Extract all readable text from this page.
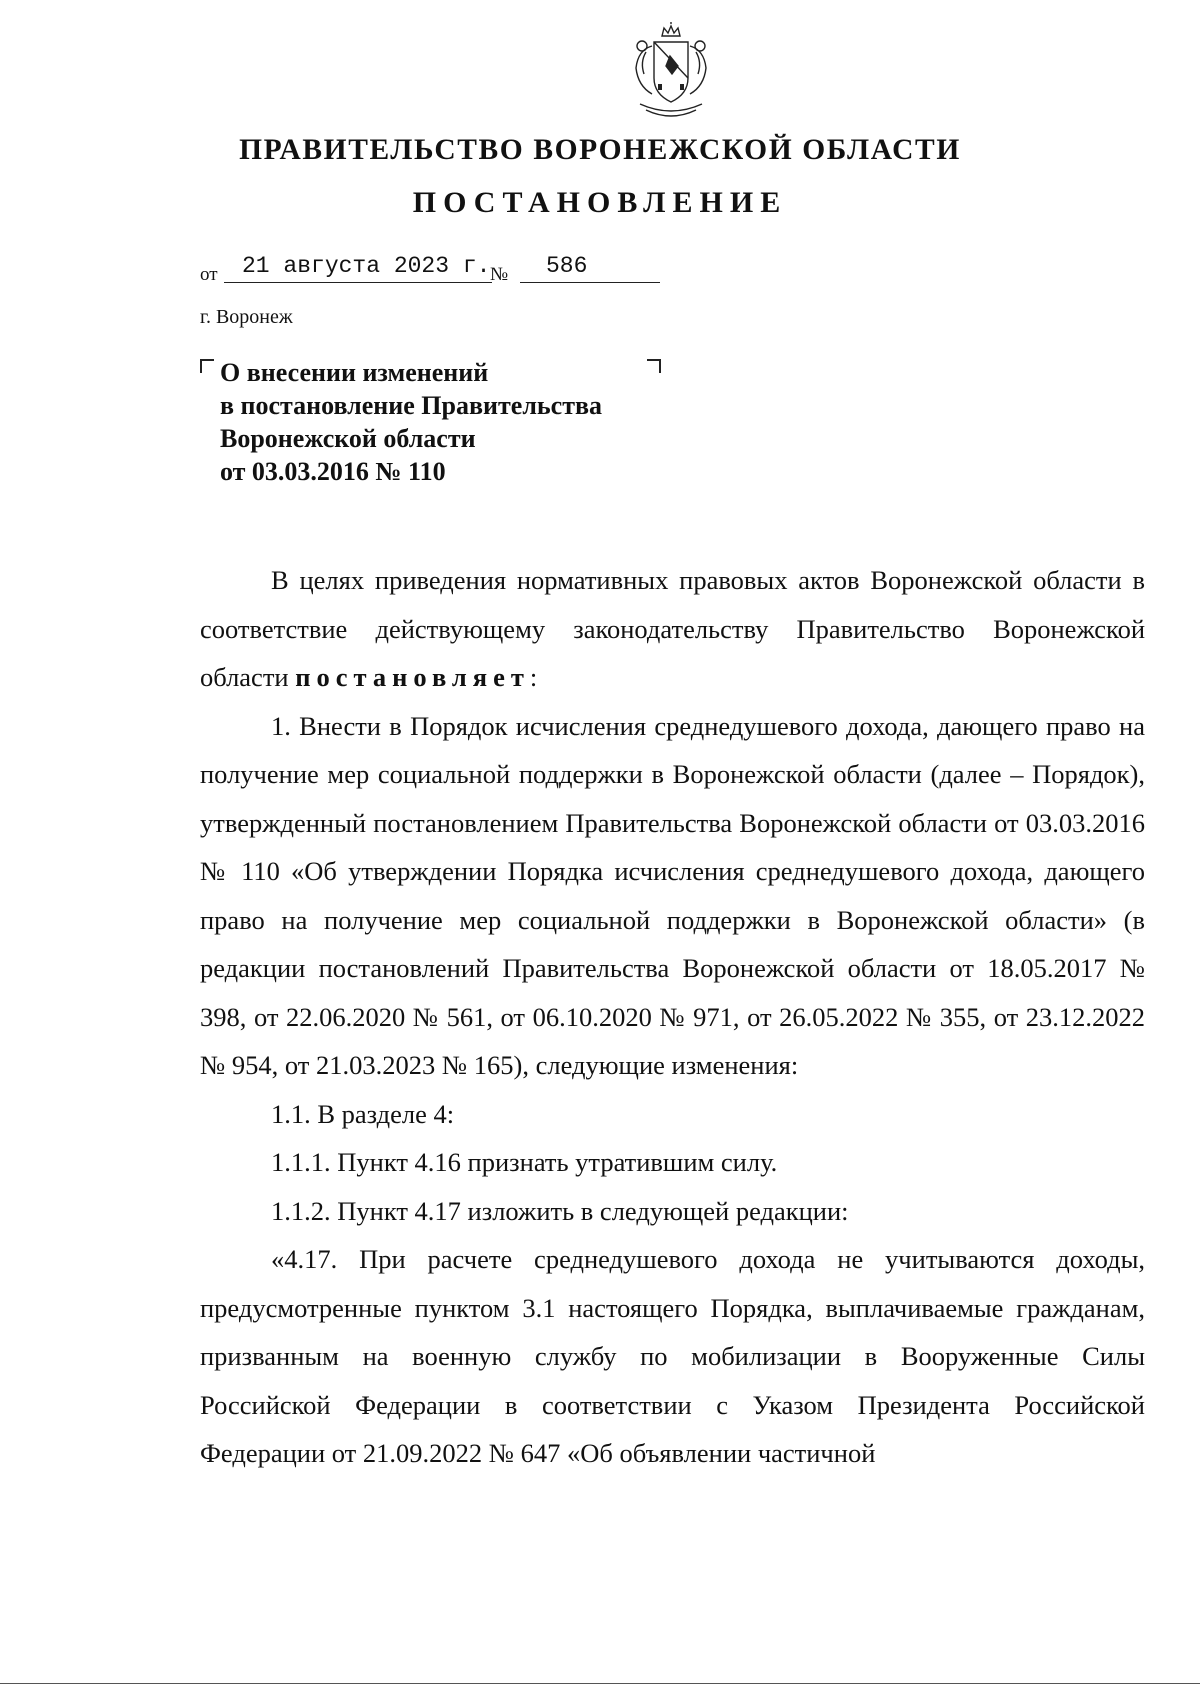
ПРАВИТЕЛЬСТВО ВОРОНЕЖСКОЙ ОБЛАСТИ
ПОСТАНОВЛЕНИЕ
от 21 августа 2023 г. № 586
г. Воронеж
О внесении изменений
в постановление Правительства
Воронежской области
от 03.03.2016 № 110

В целях приведения нормативных правовых актов Воронежской области в соответствие действующему законодательству Правительство Воронежской области постановляет:

1. Внести в Порядок исчисления среднедушевого дохода, дающего право на получение мер социальной поддержки в Воронежской области (далее – Порядок), утвержденный постановлением Правительства Воронежской области от 03.03.2016 № 110 «Об утверждении Порядка исчисления среднедушевого дохода, дающего право на получение мер социальной поддержки в Воронежской области» (в редакции постановлений Правительства Воронежской области от 18.05.2017 № 398, от 22.06.2020 № 561, от 06.10.2020 № 971, от 26.05.2022 № 355, от 23.12.2022 № 954, от 21.03.2023 № 165), следующие изменения:

1.1. В разделе 4:

1.1.1. Пункт 4.16 признать утратившим силу.

1.1.2. Пункт 4.17 изложить в следующей редакции:

«4.17. При расчете среднедушевого дохода не учитываются доходы, предусмотренные пунктом 3.1 настоящего Порядка, выплачиваемые гражданам, призванным на военную службу по мобилизации в Вооруженные Силы Российской Федерации в соответствии с Указом Президента Российской Федерации от 21.09.2022 № 647 «Об объявлении частичной
